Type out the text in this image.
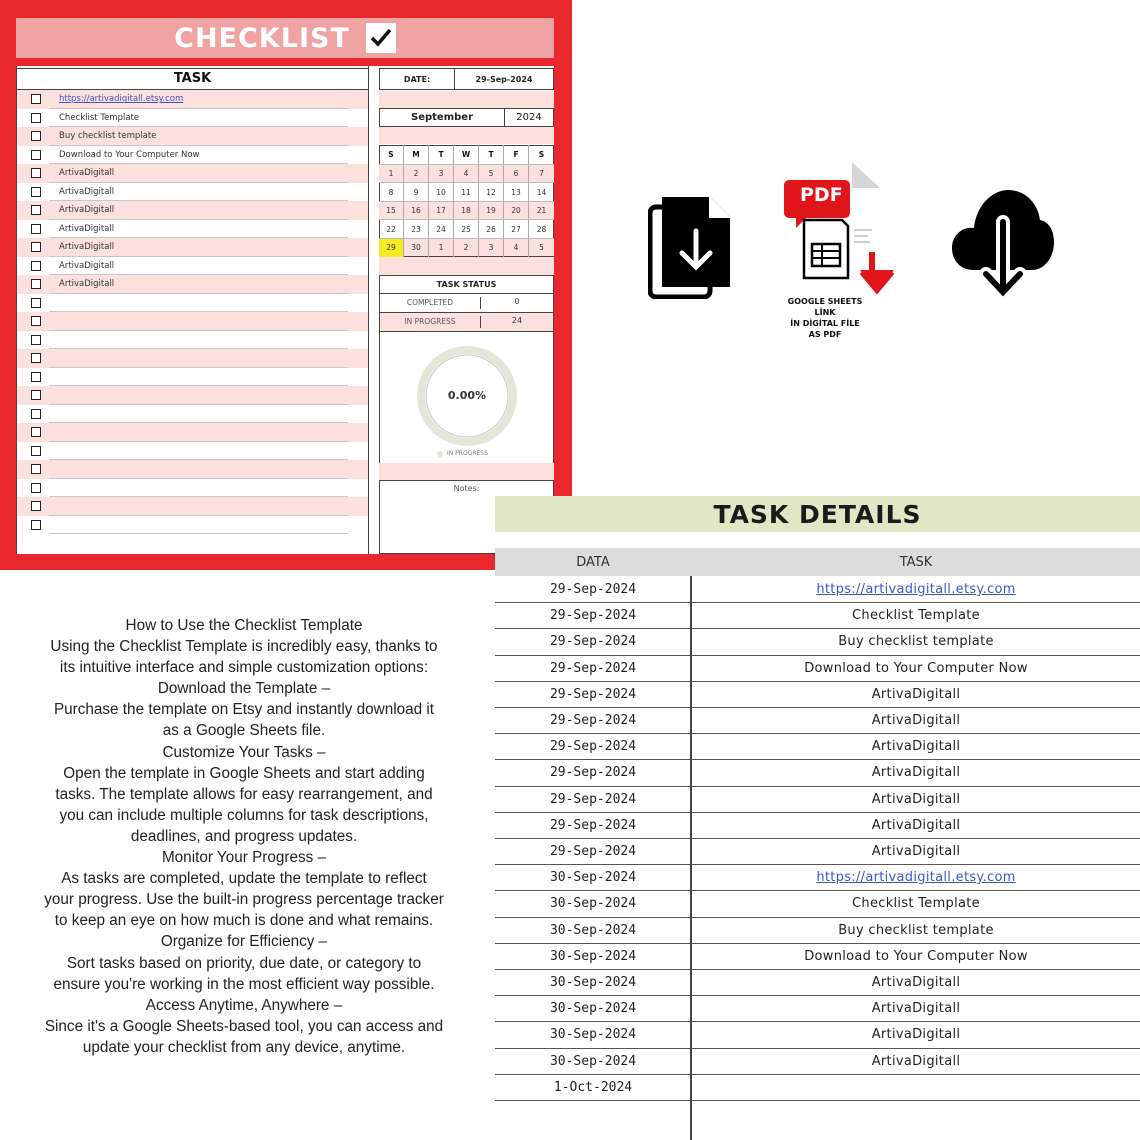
CHECKLIST
https://artivadigitall.etsy.com
Checklist Template
Buy checklist template
Download to Your Computer Now
ArtivaDigitall
ArtivaDigitall
ArtivaDigitall
ArtivaDigitall
ArtivaDigitall
ArtivaDigitall
ArtivaDigitall
TASK	DATE:	29-Sep-2024
September	2024
S	M	T	W	T	F	S
1	2	3	4	5	6	7
8	9	10	11	12	13	14
15	16	17	18	19	20	21
22	23	24	25	26	27	28
29	30	1	2	3	4	5
TASK STATUS
COMPLETED	0
IN PROGRESS	24
0.00%
IN PROGRESS
Notes:
PDF
GOOGLE SHEETS
LİNK
İN DİGİTAL FİLE
AS PDF

How to Use the Checklist Template

Using the Checklist Template is incredibly easy, thanks to

its intuitive interface and simple customization options:

Download the Template –

Purchase the template on Etsy and instantly download it

as a Google Sheets file.

Customize Your Tasks –

Open the template in Google Sheets and start adding

tasks. The template allows for easy rearrangement, and

you can include multiple columns for task descriptions,

deadlines, and progress updates.

Monitor Your Progress –

As tasks are completed, update the template to reflect

your progress. Use the built-in progress percentage tracker

to keep an eye on how much is done and what remains.

Organize for Efficiency –

Sort tasks based on priority, due date, or category to

ensure you're working in the most efficient way possible.

Access Anytime, Anywhere –

Since it's a Google Sheets-based tool, you can access and

update your checklist from any device, anytime.

TASK DETAILS
DATA	TASK
29-Sep-2024	https://artivadigitall.etsy.com
29-Sep-2024	Checklist Template
29-Sep-2024	Buy checklist template
29-Sep-2024	Download to Your Computer Now
29-Sep-2024	ArtivaDigitall
29-Sep-2024	ArtivaDigitall
29-Sep-2024	ArtivaDigitall
29-Sep-2024	ArtivaDigitall
29-Sep-2024	ArtivaDigitall
29-Sep-2024	ArtivaDigitall
29-Sep-2024	ArtivaDigitall
30-Sep-2024	https://artivadigitall.etsy.com
30-Sep-2024	Checklist Template
30-Sep-2024	Buy checklist template
30-Sep-2024	Download to Your Computer Now
30-Sep-2024	ArtivaDigitall
30-Sep-2024	ArtivaDigitall
30-Sep-2024	ArtivaDigitall
30-Sep-2024	ArtivaDigitall
1-Oct-2024
